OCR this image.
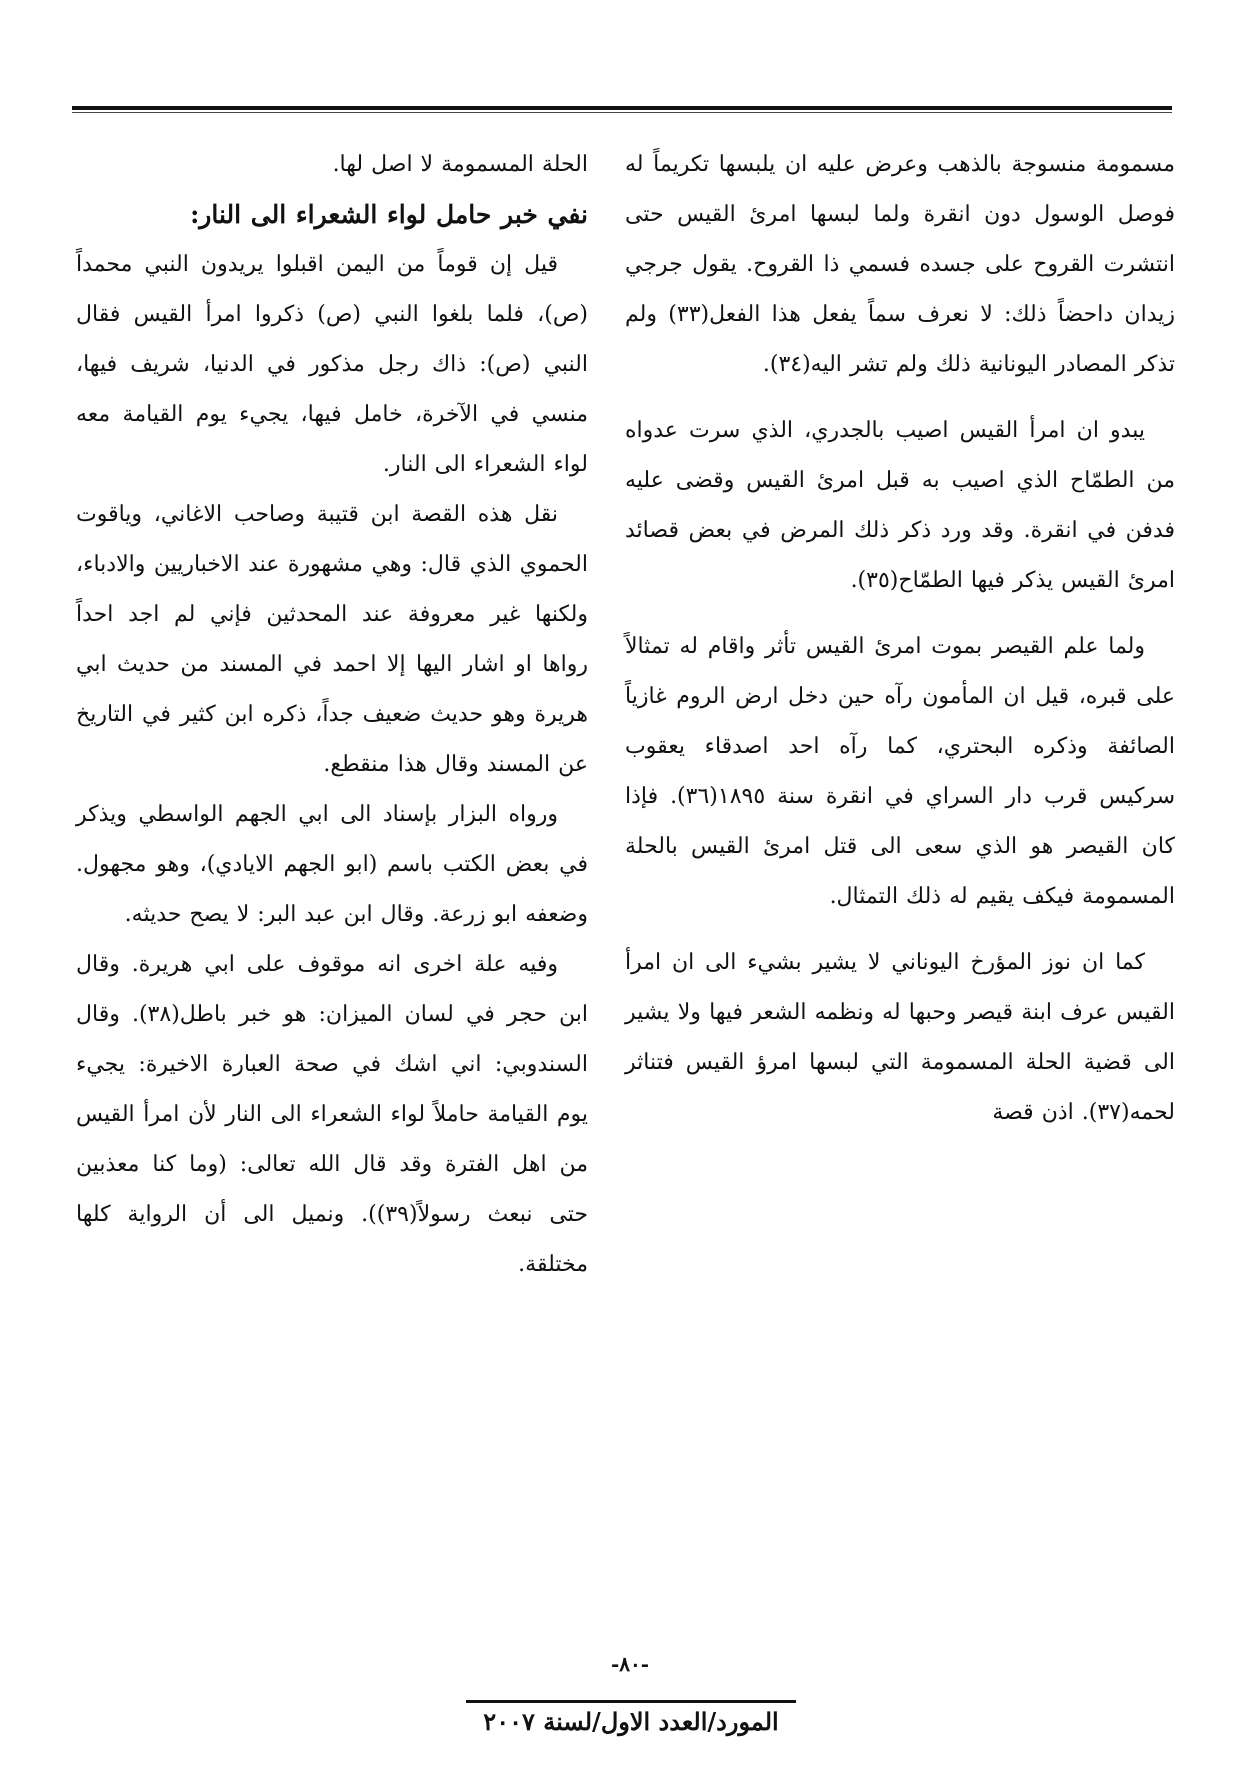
مسمومة منسوجة بالذهب وعرض عليه ان يلبسها تكريماً له فوصل الوسول دون انقرة ولما لبسها امرئ القيس حتى انتشرت القروح على جسده فسمي ذا القروح. يقول جرجي زيدان داحضاً ذلك: لا نعرف سماً يفعل هذا الفعل(٣٣) ولم تذكر المصادر اليونانية ذلك ولم تشر اليه(٣٤).

يبدو ان امرأ القيس اصيب بالجدري، الذي سرت عدواه من الطمّاح الذي اصيب به قبل امرئ القيس وقضى عليه فدفن في انقرة. وقد ورد ذكر ذلك المرض في بعض قصائد امرئ القيس يذكر فيها الطمّاح(٣٥).

ولما علم القيصر بموت امرئ القيس تأثر واقام له تمثالاً على قبره، قيل ان المأمون رآه حين دخل ارض الروم غازياً الصائفة وذكره البحتري، كما رآه احد اصدقاء يعقوب سركيس قرب دار السراي في انقرة سنة ١٨٩٥(٣٦). فإذا كان القيصر هو الذي سعى الى قتل امرئ القيس بالحلة المسمومة فيكف يقيم له ذلك التمثال.

كما ان نوز المؤرخ اليوناني لا يشير بشيء الى ان امرأ القيس عرف ابنة قيصر وحبها له ونظمه الشعر فيها ولا يشير الى قضية الحلة المسمومة التي لبسها امرؤ القيس فتناثر لحمه(٣٧). اذن قصة

الحلة المسمومة لا اصل لها.

نفي خبر حامل لواء الشعراء الى النار:

قيل إن قوماً من اليمن اقبلوا يريدون النبي محمداً (ص)، فلما بلغوا النبي (ص) ذكروا امرأ القيس فقال النبي (ص): ذاك رجل مذكور في الدنيا، شريف فيها، منسي في الآخرة، خامل فيها، يجيء يوم القيامة معه لواء الشعراء الى النار.

نقل هذه القصة ابن قتيبة وصاحب الاغاني، وياقوت الحموي الذي قال: وهي مشهورة عند الاخباريين والادباء، ولكنها غير معروفة عند المحدثين فإني لم اجد احداً رواها او اشار اليها إلا احمد في المسند من حديث ابي هريرة وهو حديث ضعيف جداً، ذكره ابن كثير في التاريخ عن المسند وقال هذا منقطع.

ورواه البزار بإسناد الى ابي الجهم الواسطي ويذكر في بعض الكتب باسم (ابو الجهم الايادي)، وهو مجهول. وضعفه ابو زرعة. وقال ابن عبد البر: لا يصح حديثه.

وفيه علة اخرى انه موقوف على ابي هريرة. وقال ابن حجر في لسان الميزان: هو خبر باطل(٣٨). وقال السندوبي: اني اشك في صحة العبارة الاخيرة: يجيء يوم القيامة حاملاً لواء الشعراء الى النار لأن امرأ القيس من اهل الفترة وقد قال الله تعالى: (وما كنا معذبين حتى نبعث رسولاً(٣٩)). ونميل الى أن الرواية كلها مختلقة.

-٨٠-
المورد/العدد الاول/لسنة ٢٠٠٧
